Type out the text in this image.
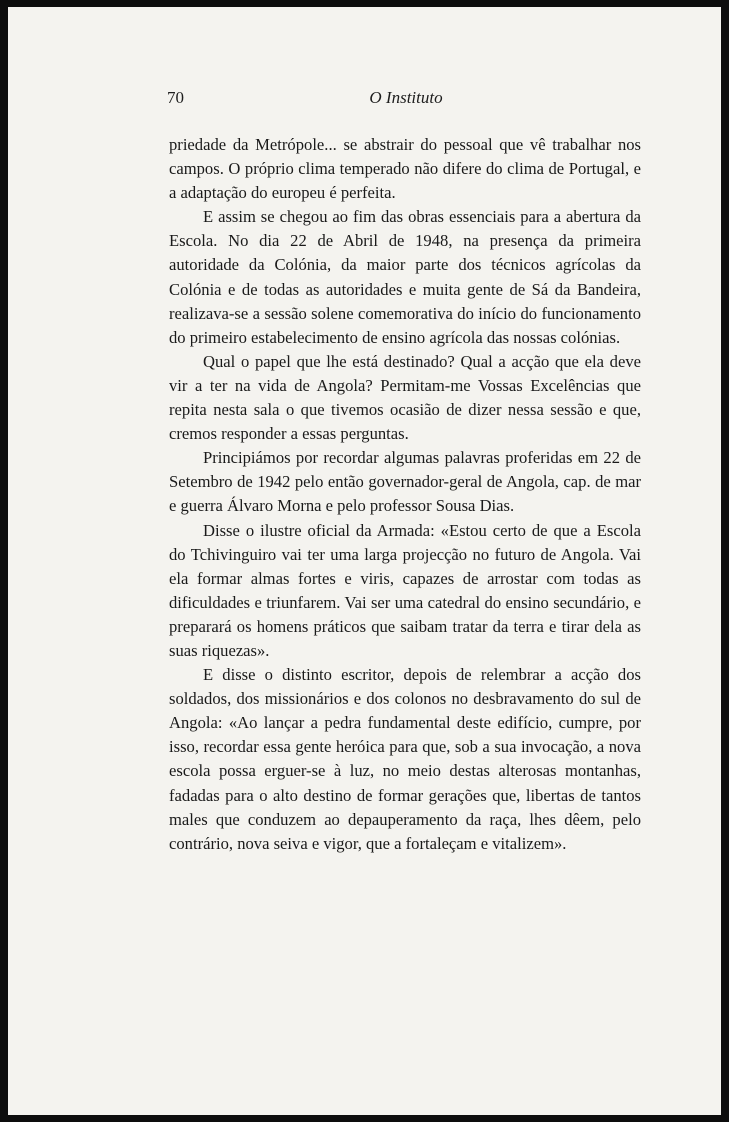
70	O Instituto

priedade da Metrópole... se abstrair do pessoal que vê trabalhar nos campos. O próprio clima temperado não difere do clima de Portugal, e a adaptação do europeu é perfeita.

E assim se chegou ao fim das obras essenciais para a abertura da Escola. No dia 22 de Abril de 1948, na presença da primeira autoridade da Colónia, da maior parte dos técnicos agrícolas da Colónia e de todas as autoridades e muita gente de Sá da Bandeira, realizava-se a sessão solene comemorativa do início do funcionamento do primeiro estabelecimento de ensino agrícola das nossas colónias.

Qual o papel que lhe está destinado? Qual a acção que ela deve vir a ter na vida de Angola? Permitam-me Vossas Excelências que repita nesta sala o que tivemos ocasião de dizer nessa sessão e que, cremos responder a essas perguntas.

Principiámos por recordar algumas palavras proferidas em 22 de Setembro de 1942 pelo então governador-geral de Angola, cap. de mar e guerra Álvaro Morna e pelo professor Sousa Dias.

Disse o ilustre oficial da Armada: «Estou certo de que a Escola do Tchivinguiro vai ter uma larga projecção no futuro de Angola. Vai ela formar almas fortes e viris, capazes de arrostar com todas as dificuldades e triunfarem. Vai ser uma catedral do ensino secundário, e preparará os homens práticos que saibam tratar da terra e tirar dela as suas riquezas».

E disse o distinto escritor, depois de relembrar a acção dos soldados, dos missionários e dos colonos no desbravamento do sul de Angola: «Ao lançar a pedra fundamental deste edifício, cumpre, por isso, recordar essa gente heróica para que, sob a sua invocação, a nova escola possa erguer-se à luz, no meio destas alterosas montanhas, fadadas para o alto destino de formar gerações que, libertas de tantos males que conduzem ao depauperamento da raça, lhes dêem, pelo contrário, nova seiva e vigor, que a fortaleçam e vitalizem».
